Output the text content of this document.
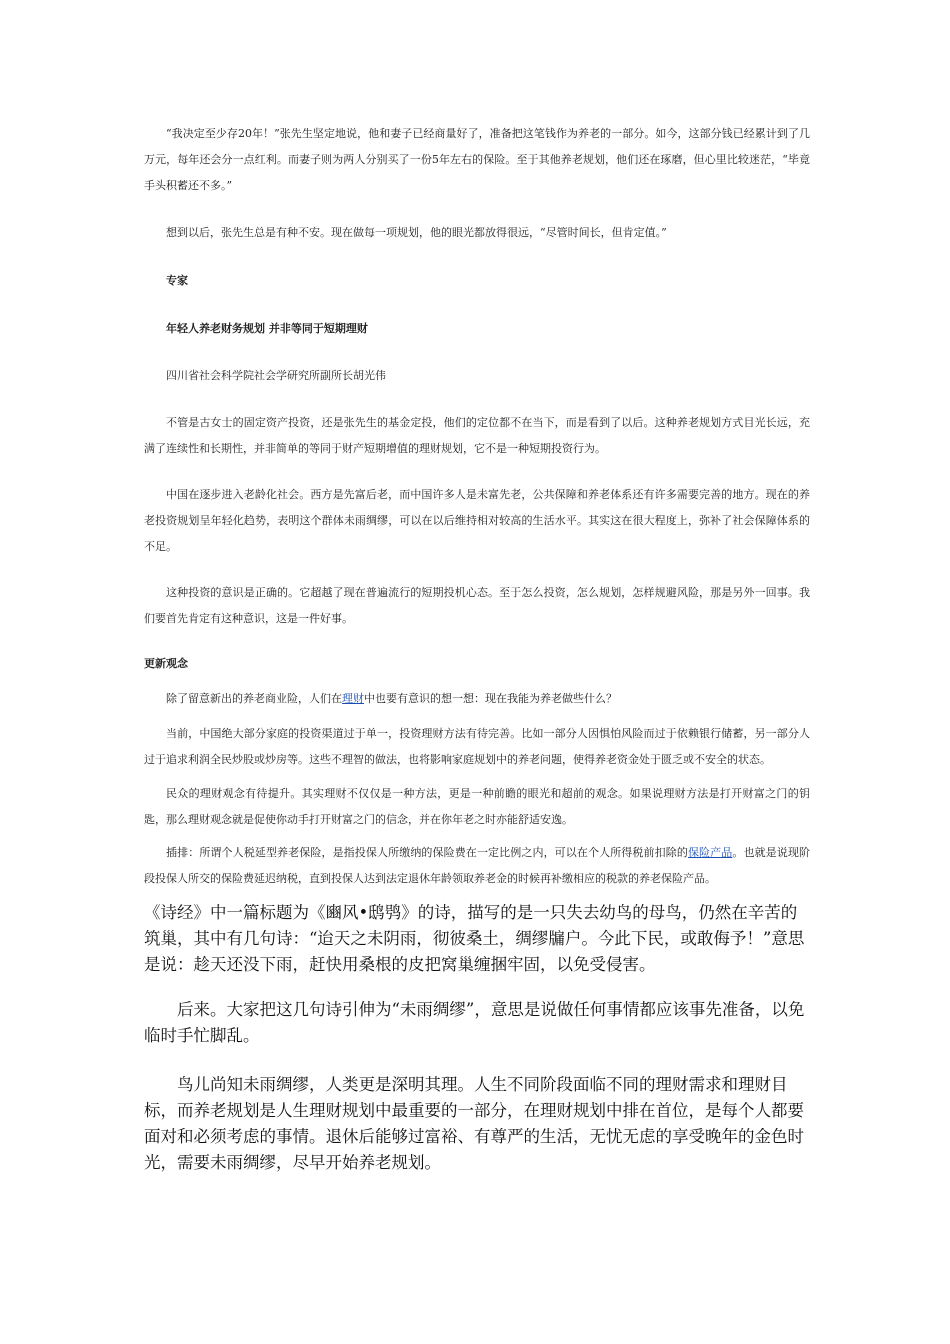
“我决定至少存20年！”张先生坚定地说，他和妻子已经商量好了，准备把这笔钱作为养老的一部分。如今，这部分钱已经累计到了几万元，每年还会分一点红利。而妻子则为两人分别买了一份5年左右的保险。至于其他养老规划，他们还在琢磨，但心里比较迷茫，“毕竟手头积蓄还不多。”

想到以后，张先生总是有种不安。现在做每一项规划，他的眼光都放得很远，“尽管时间长，但肯定值。”

专家

年轻人养老财务规划 并非等同于短期理财

四川省社会科学院社会学研究所副所长胡光伟

不管是古女士的固定资产投资，还是张先生的基金定投，他们的定位都不在当下，而是看到了以后。这种养老规划方式目光长远，充满了连续性和长期性，并非简单的等同于财产短期增值的理财规划，它不是一种短期投资行为。

中国在逐步进入老龄化社会。西方是先富后老，而中国许多人是未富先老，公共保障和养老体系还有许多需要完善的地方。现在的养老投资规划呈年轻化趋势，表明这个群体未雨绸缪，可以在以后维持相对较高的生活水平。其实这在很大程度上，弥补了社会保障体系的不足。

这种投资的意识是正确的。它超越了现在普遍流行的短期投机心态。至于怎么投资，怎么规划，怎样规避风险，那是另外一回事。我们要首先肯定有这种意识，这是一件好事。

更新观念

除了留意新出的养老商业险，人们在理财中也要有意识的想一想：现在我能为养老做些什么？

当前，中国绝大部分家庭的投资渠道过于单一，投资理财方法有待完善。比如一部分人因惧怕风险而过于依赖银行储蓄，另一部分人过于追求利润全民炒股或炒房等。这些不理智的做法，也将影响家庭规划中的养老问题，使得养老资金处于匮乏或不安全的状态。

民众的理财观念有待提升。其实理财不仅仅是一种方法，更是一种前瞻的眼光和超前的观念。如果说理财方法是打开财富之门的钥匙，那么理财观念就是促使你动手打开财富之门的信念，并在你年老之时亦能舒适安逸。

插排：所谓个人税延型养老保险，是指投保人所缴纳的保险费在一定比例之内，可以在个人所得税前扣除的保险产品。也就是说现阶段投保人所交的保险费延迟纳税，直到投保人达到法定退休年龄领取养老金的时候再补缴相应的税款的养老保险产品。

《诗经》中一篇标题为《豳风•鸱鸮》的诗，描写的是一只失去幼鸟的母鸟，仍然在辛苦的筑巢，其中有几句诗：“迨天之未阴雨，彻彼桑土，绸缪牖户。今此下民，或敢侮予！”意思是说：趁天还没下雨，赶快用桑根的皮把窝巢缠捆牢固，以免受侵害。

后来。大家把这几句诗引伸为“未雨绸缪”，意思是说做任何事情都应该事先准备，以免临时手忙脚乱。

鸟儿尚知未雨绸缪，人类更是深明其理。人生不同阶段面临不同的理财需求和理财目标，而养老规划是人生理财规划中最重要的一部分，在理财规划中排在首位，是每个人都要面对和必须考虑的事情。退休后能够过富裕、有尊严的生活，无忧无虑的享受晚年的金色时光，需要未雨绸缪，尽早开始养老规划。
